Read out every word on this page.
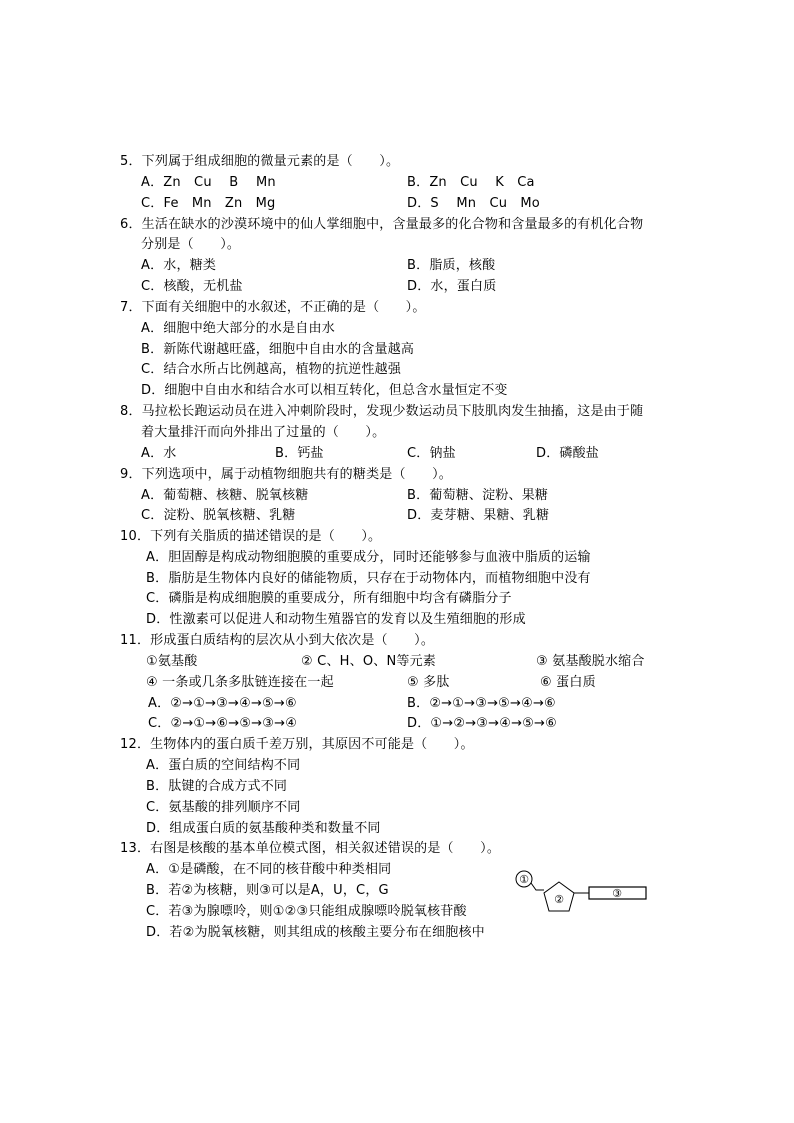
5．下列属于组成细胞的微量元素的是（　　）。
A．Zn　Cu　 B　 Mn	B．Zn　Cu　 K　Ca
C．Fe　Mn　Zn　Mg	D．S　 Mn　Cu　Mo
6．生活在缺水的沙漠环境中的仙人掌细胞中，含量最多的化合物和含量最多的有机化合物
分别是（　　）。
A．水，糖类	B．脂质，核酸
C．核酸，无机盐	D．水，蛋白质
7．下面有关细胞中的水叙述，不正确的是（　　）。
A．细胞中绝大部分的水是自由水
B．新陈代谢越旺盛，细胞中自由水的含量越高
C．结合水所占比例越高，植物的抗逆性越强
D．细胞中自由水和结合水可以相互转化，但总含水量恒定不变
8．马拉松长跑运动员在进入冲刺阶段时，发现少数运动员下肢肌肉发生抽搐，这是由于随
着大量排汗而向外排出了过量的（　　）。
A．水	B．钙盐	C．钠盐	D．磷酸盐
9．下列选项中，属于动植物细胞共有的糖类是（　　）。
A．葡萄糖、核糖、脱氧核糖	B．葡萄糖、淀粉、果糖
C．淀粉、脱氧核糖、乳糖	D．麦芽糖、果糖、乳糖
10．下列有关脂质的描述错误的是（　　）。
A．胆固醇是构成动物细胞膜的重要成分，同时还能够参与血液中脂质的运输
B．脂肪是生物体内良好的储能物质，只存在于动物体内，而植物细胞中没有
C．磷脂是构成细胞膜的重要成分，所有细胞中均含有磷脂分子
D．性激素可以促进人和动物生殖器官的发育以及生殖细胞的形成
11．形成蛋白质结构的层次从小到大依次是（　　）。
①氨基酸	② C、H、O、N等元素	③ 氨基酸脱水缩合
④ 一条或几条多肽链连接在一起	⑤ 多肽	⑥ 蛋白质
A．②→①→③→④→⑤→⑥	B．②→①→③→⑤→④→⑥
C．②→①→⑥→⑤→③→④	D．①→②→③→④→⑤→⑥
12．生物体内的蛋白质千差万别，其原因不可能是（　　）。
A．蛋白质的空间结构不同
B．肽键的合成方式不同
C．氨基酸的排列顺序不同
D．组成蛋白质的氨基酸种类和数量不同
13．右图是核酸的基本单位模式图，相关叙述错误的是（　　）。
A．①是磷酸，在不同的核苷酸中种类相同
B．若②为核糖，则③可以是A，U，C，G
C．若③为腺嘌呤，则①②③只能组成腺嘌呤脱氧核苷酸
D．若②为脱氧核糖，则其组成的核酸主要分布在细胞核中
①
②	③
